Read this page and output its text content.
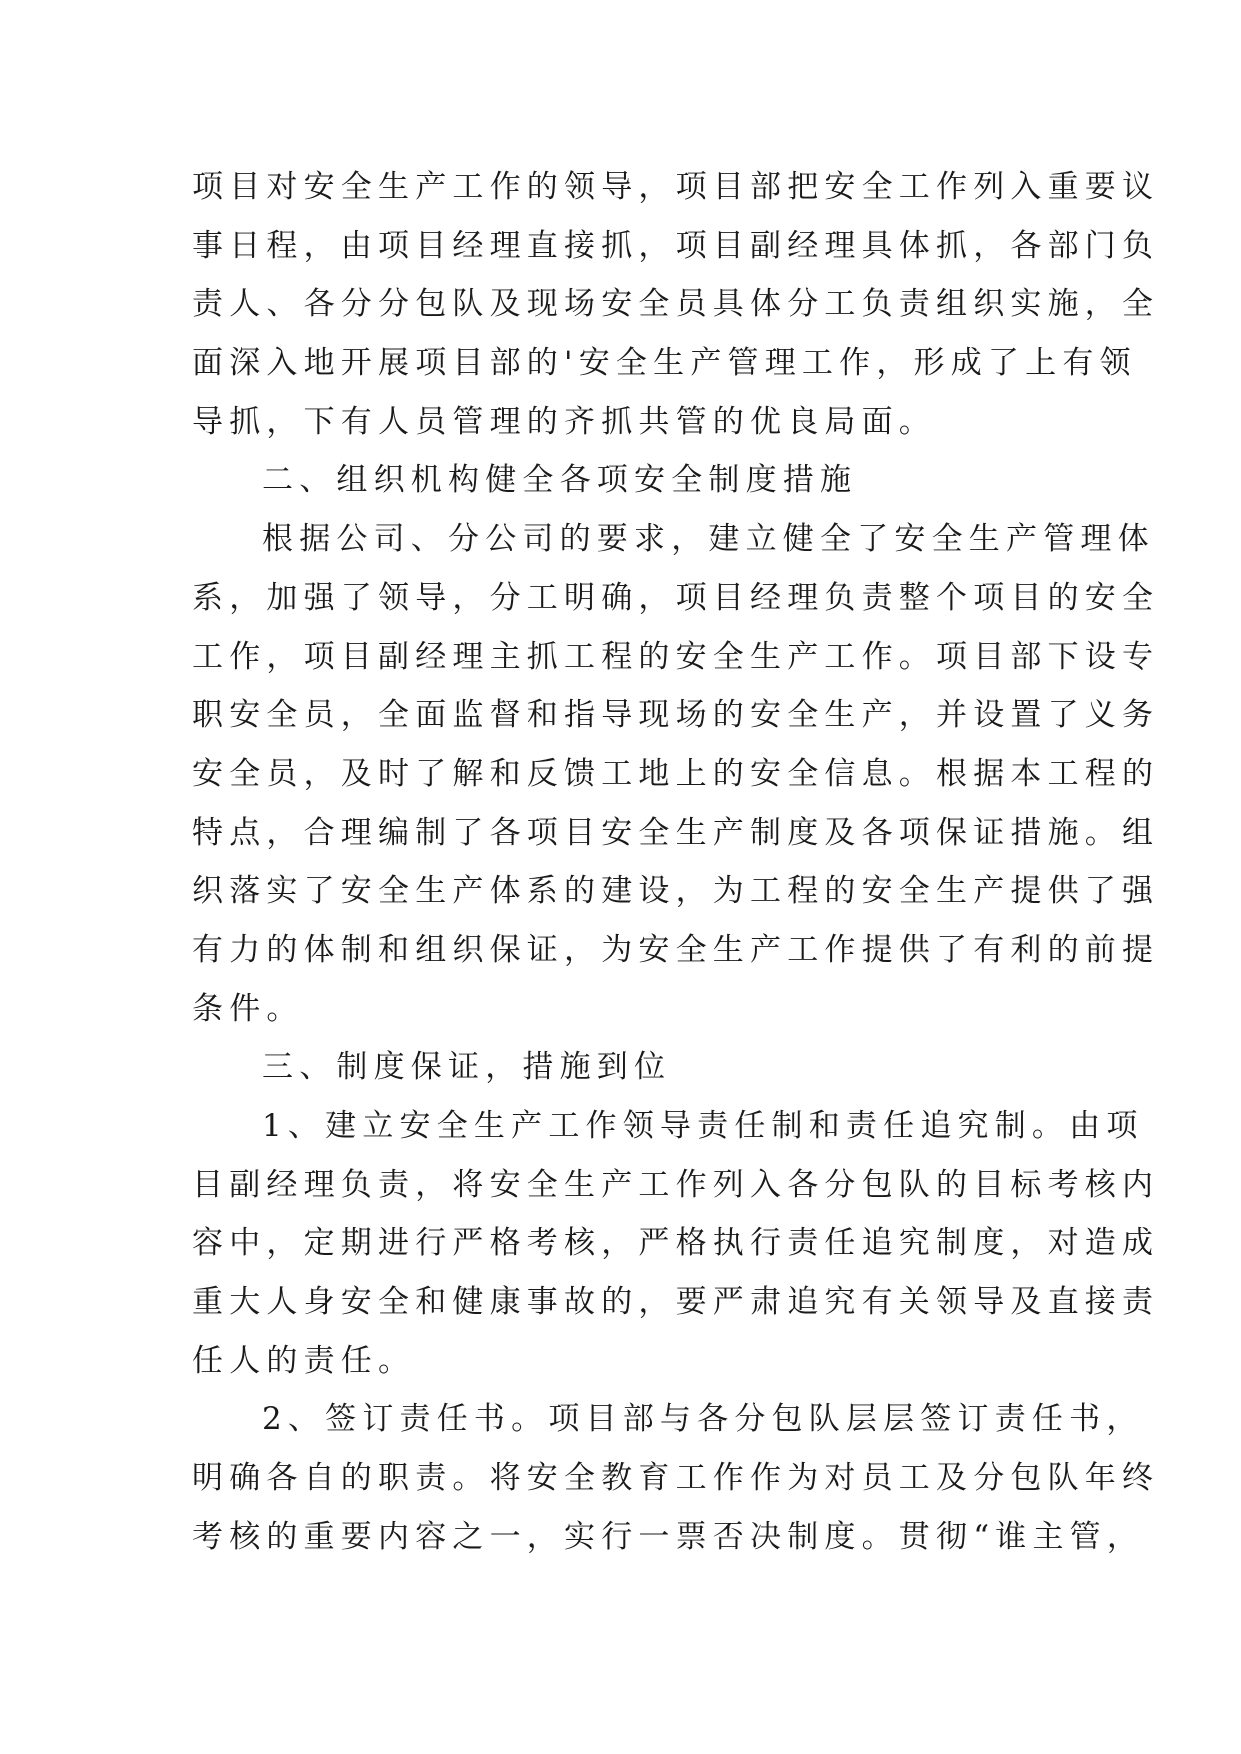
项目对安全生产工作的领导，项目部把安全工作列入重要议
事日程，由项目经理直接抓，项目副经理具体抓，各部门负
责人、各分分包队及现场安全员具体分工负责组织实施，全
面深入地开展项目部的'安全生产管理工作，形成了上有领
导抓，下有人员管理的齐抓共管的优良局面。
二、组织机构健全各项安全制度措施
根据公司、分公司的要求，建立健全了安全生产管理体
系，加强了领导，分工明确，项目经理负责整个项目的安全
工作，项目副经理主抓工程的安全生产工作。项目部下设专
职安全员，全面监督和指导现场的安全生产，并设置了义务
安全员，及时了解和反馈工地上的安全信息。根据本工程的
特点，合理编制了各项目安全生产制度及各项保证措施。组
织落实了安全生产体系的建设，为工程的安全生产提供了强
有力的体制和组织保证，为安全生产工作提供了有利的前提
条件。
三、制度保证，措施到位
1、建立安全生产工作领导责任制和责任追究制。由项
目副经理负责，将安全生产工作列入各分包队的目标考核内
容中，定期进行严格考核，严格执行责任追究制度，对造成
重大人身安全和健康事故的，要严肃追究有关领导及直接责
任人的责任。
2、签订责任书。项目部与各分包队层层签订责任书，
明确各自的职责。将安全教育工作作为对员工及分包队年终
考核的重要内容之一，实行一票否决制度。贯彻“谁主管，
